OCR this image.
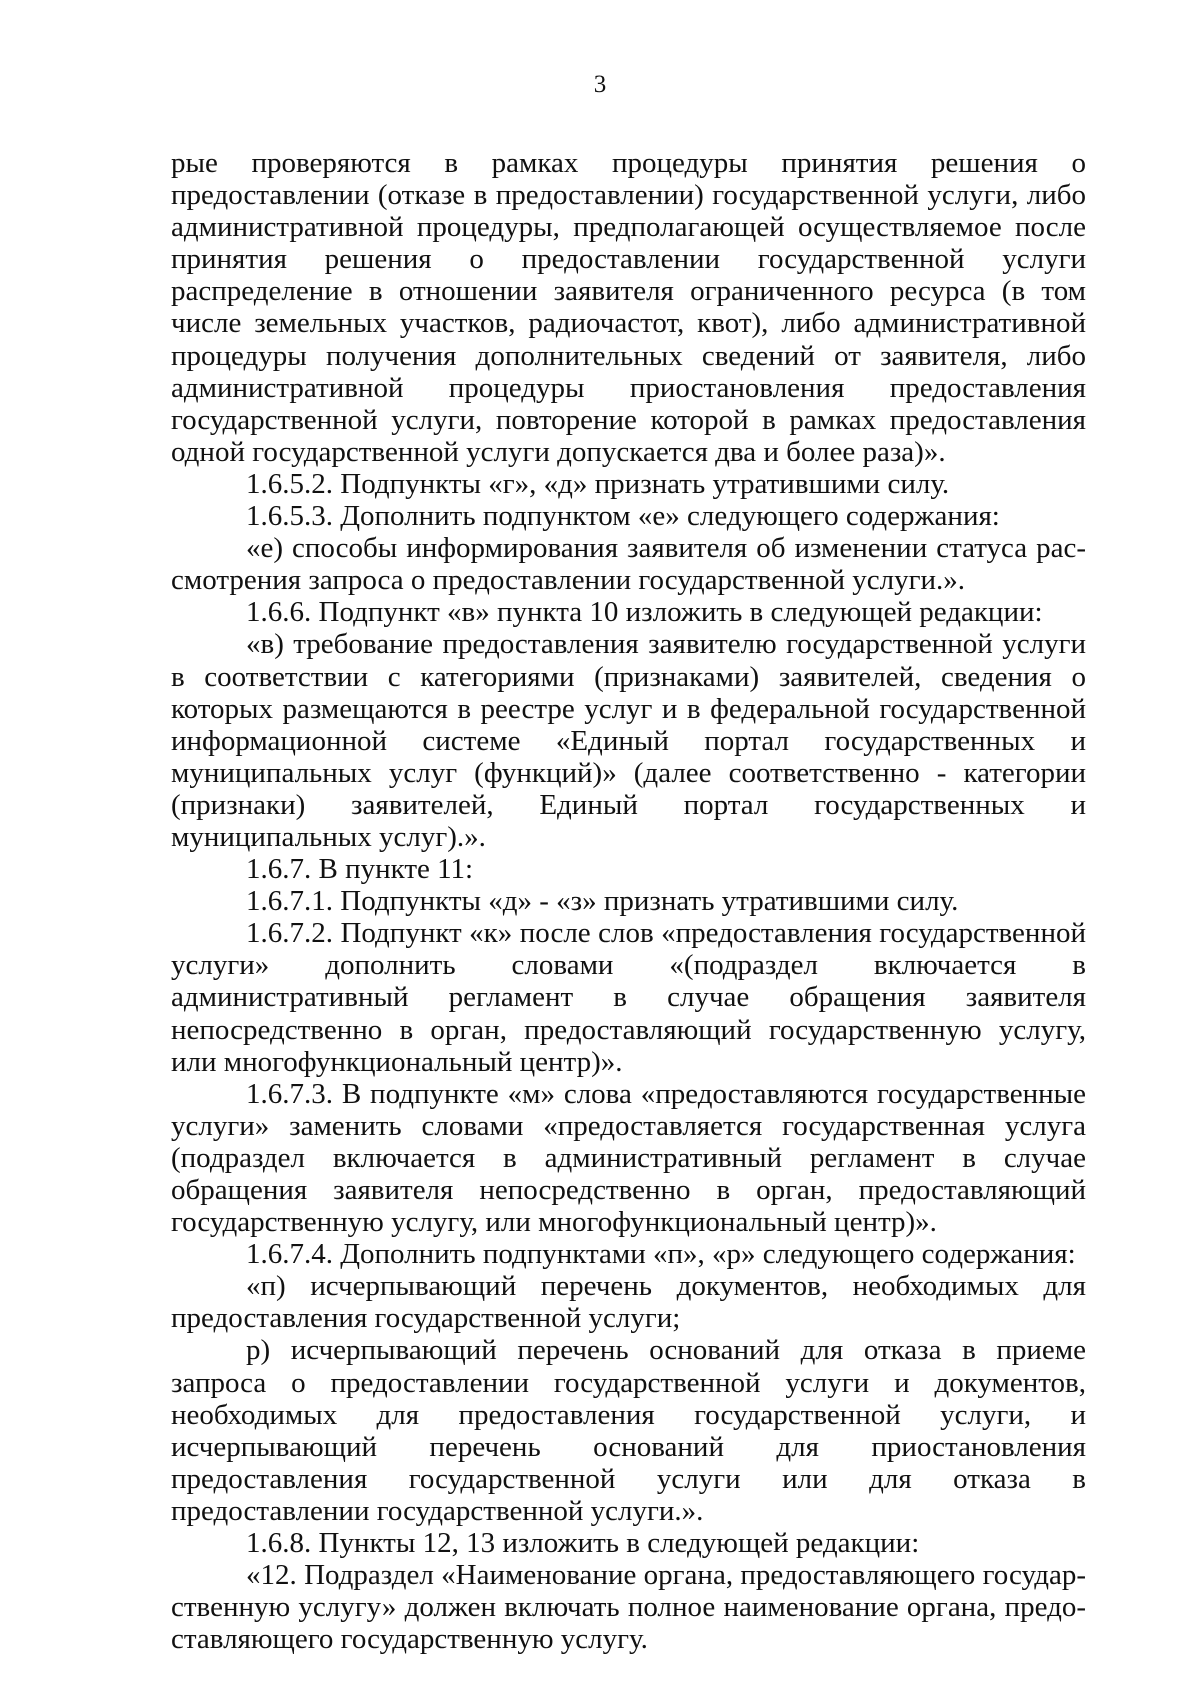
3

рые проверяются в рамках процедуры принятия решения о предоставлении (отказе в предоставлении) государственной услуги, либо административной процедуры, предполагающей осуществляемое после принятия решения о предоставлении государственной услуги распределение в отношении заявителя ограниченного ресурса (в том числе земельных участков, радиочастот, квот), либо административной процедуры получения дополнительных сведений от заявителя, либо административной процедуры приостановления предоставления государственной услуги, повторение которой в рамках предоставления одной государственной услуги допускается два и более раза)».

1.6.5.2. Подпункты «г», «д» признать утратившими силу.

1.6.5.3. Дополнить подпунктом «е» следующего содержания:

«е) способы информирования заявителя об изменении статуса рассмотрения запроса о предоставлении государственной услуги.».

1.6.6. Подпункт «в» пункта 10 изложить в следующей редакции:

«в) требование предоставления заявителю государственной услуги в соответствии с категориями (признаками) заявителей, сведения о которых размещаются в реестре услуг и в федеральной государственной информационной системе «Единый портал государственных и муниципальных услуг (функций)» (далее соответственно - категории (признаки) заявителей, Единый портал государственных и муниципальных услуг).».

1.6.7. В пункте 11:

1.6.7.1. Подпункты «д» - «з» признать утратившими силу.

1.6.7.2. Подпункт «к» после слов «предоставления государственной услуги» дополнить словами «(подраздел включается в административный регламент в случае обращения заявителя непосредственно в орган, предоставляющий государственную услугу, или многофункциональный центр)».

1.6.7.3. В подпункте «м» слова «предоставляются государственные услуги» заменить словами «предоставляется государственная услуга (подраздел включается в административный регламент в случае обращения заявителя непосредственно в орган, предоставляющий государственную услугу, или многофункциональный центр)».

1.6.7.4. Дополнить подпунктами «п», «р» следующего содержания:

«п) исчерпывающий перечень документов, необходимых для предоставления государственной услуги;

р) исчерпывающий перечень оснований для отказа в приеме запроса о предоставлении государственной услуги и документов, необходимых для предоставления государственной услуги, и исчерпывающий перечень оснований для приостановления предоставления государственной услуги или для отказа в предоставлении государственной услуги.».

1.6.8. Пункты 12, 13 изложить в следующей редакции:

«12. Подраздел «Наименование органа, предоставляющего государственную услугу» должен включать полное наименование органа, предоставляющего государственную услугу.
